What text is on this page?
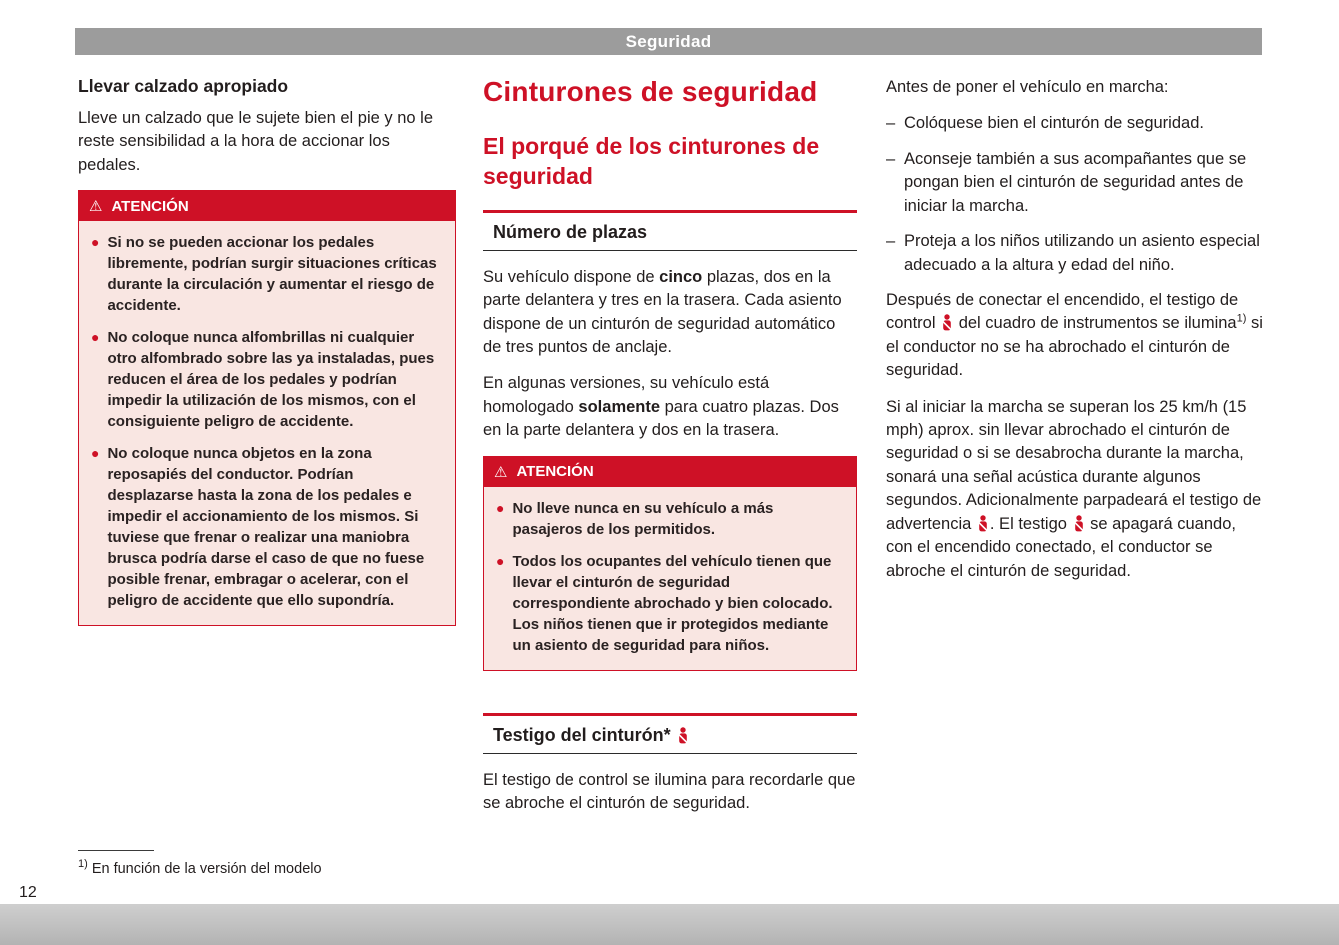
Seguridad
Llevar calzado apropiado

Lleve un calzado que le sujete bien el pie y no le reste sensibilidad a la hora de accionar los pedales.

⚠ ATENCIÓN
● Si no se pueden accionar los pedales libremente, podrían surgir situaciones críticas durante la circulación y aumentar el riesgo de accidente.
● No coloque nunca alfombrillas ni cualquier otro alfombrado sobre las ya instaladas, pues reducen el área de los pedales y podrían impedir la utilización de los mismos, con el consiguiente peligro de accidente.
● No coloque nunca objetos en la zona reposapiés del conductor. Podrían desplazarse hasta la zona de los pedales e impedir el accionamiento de los mismos. Si tuviese que frenar o realizar una maniobra brusca podría darse el caso de que no fuese posible frenar, embragar o acelerar, con el peligro de accidente que ello supondría.
Cinturones de seguridad
El porqué de los cinturones de seguridad
Número de plazas

Su vehículo dispone de cinco plazas, dos en la parte delantera y tres en la trasera. Cada asiento dispone de un cinturón de seguridad automático de tres puntos de anclaje.

En algunas versiones, su vehículo está homologado solamente para cuatro plazas. Dos en la parte delantera y dos en la trasera.

⚠ ATENCIÓN
● No lleve nunca en su vehículo a más pasajeros de los permitidos.
● Todos los ocupantes del vehículo tienen que llevar el cinturón de seguridad correspondiente abrochado y bien colocado. Los niños tienen que ir protegidos mediante un asiento de seguridad para niños.
Testigo del cinturón*

El testigo de control se ilumina para recordarle que se abroche el cinturón de seguridad.

Antes de poner el vehículo en marcha:

– Colóquese bien el cinturón de seguridad.
– Aconseje también a sus acompañantes que se pongan bien el cinturón de seguridad antes de iniciar la marcha.
– Proteja a los niños utilizando un asiento especial adecuado a la altura y edad del niño.

Después de conectar el encendido, el testigo de control  del cuadro de instrumentos se ilumina$^{1)}$ si el conductor no se ha abrochado el cinturón de seguridad.

Si al iniciar la marcha se superan los 25 km/h (15 mph) aprox. sin llevar abrochado el cinturón de seguridad o si se desabrocha durante la marcha, sonará una señal acústica durante algunos segundos. Adicionalmente parpadeará el testigo de advertencia . El testigo  se apagará cuando, con el encendido conectado, el conductor se abroche el cinturón de seguridad.

$^{1)}$ En función de la versión del modelo

12
